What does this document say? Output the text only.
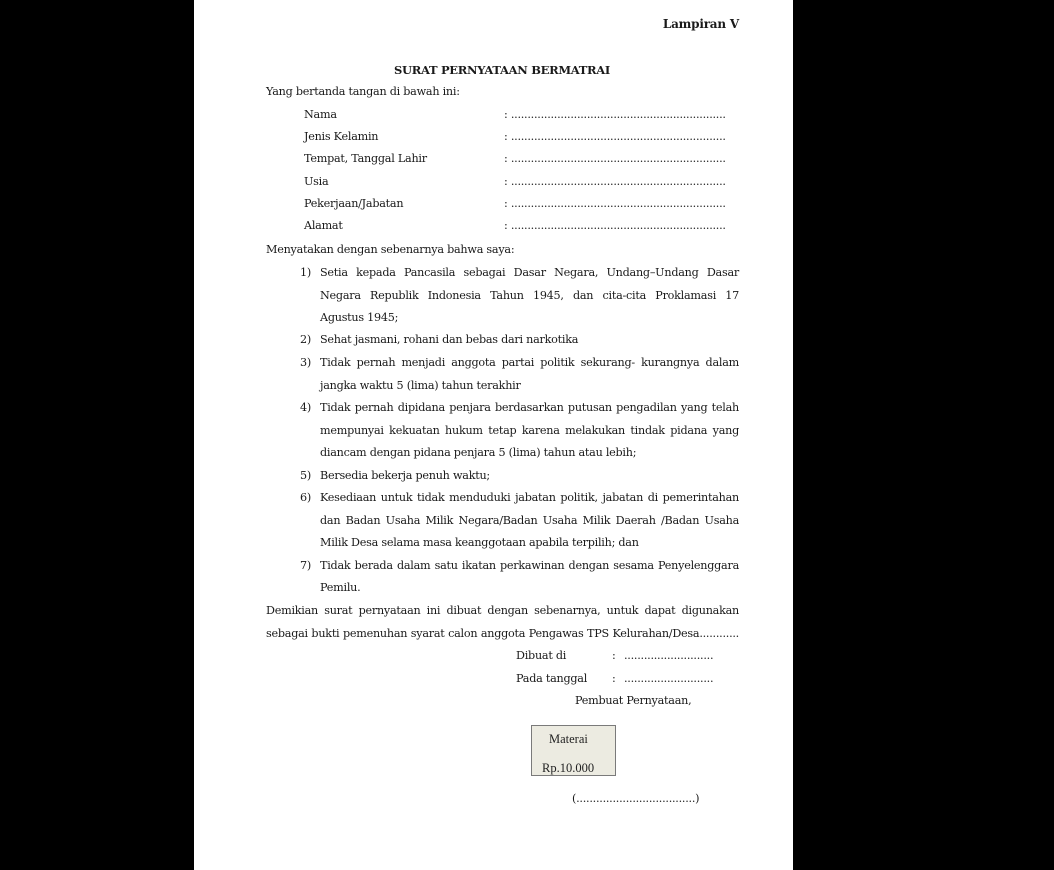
Lampiran V
SURAT PERNYATAAN BERMATRAI
Yang bertanda tangan di bawah ini:
Nama	: .................................................................
Jenis Kelamin	: .................................................................
Tempat, Tanggal Lahir	: .................................................................
Usia	: .................................................................
Pekerjaan/Jabatan	: .................................................................
Alamat	: .................................................................
Menyatakan dengan sebenarnya bahwa saya:
1) Setia kepada Pancasila sebagai Dasar Negara, Undang–Undang Dasar
Negara Republik Indonesia Tahun 1945, dan cita-cita Proklamasi 17
Agustus 1945;
2) Sehat jasmani, rohani dan bebas dari narkotika
3) Tidak pernah menjadi anggota partai politik sekurang- kurangnya dalam
jangka waktu 5 (lima) tahun terakhir
4) Tidak pernah dipidana penjara berdasarkan putusan pengadilan yang telah
mempunyai kekuatan hukum tetap karena melakukan tindak pidana yang
diancam dengan pidana penjara 5 (lima) tahun atau lebih;
5) Bersedia bekerja penuh waktu;
6) Kesediaan untuk tidak menduduki jabatan politik, jabatan di pemerintahan
dan Badan Usaha Milik Negara/Badan Usaha Milik Daerah /Badan Usaha
Milik Desa selama masa keanggotaan apabila terpilih; dan
7) Tidak berada dalam satu ikatan perkawinan dengan sesama Penyelenggara
Pemilu.
Demikian surat pernyataan ini dibuat dengan sebenarnya, untuk dapat digunakan
sebagai bukti pemenuhan syarat calon anggota Pengawas TPS Kelurahan/Desa............
Dibuat di	: ...........................
Pada tanggal : ...........................
Pembuat Pernyataan,
Materai
Rp.10.000
(....................................)
